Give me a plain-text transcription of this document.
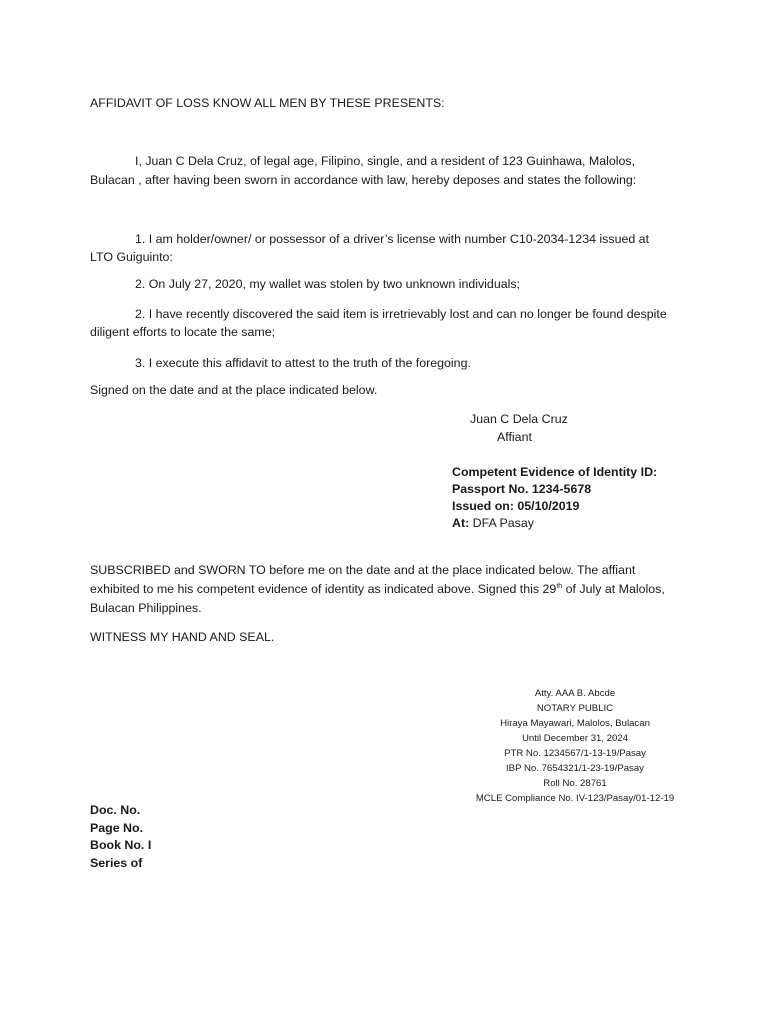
AFFIDAVIT OF LOSS KNOW ALL MEN BY THESE PRESENTS:
I, Juan C Dela Cruz, of legal age, Filipino, single, and a resident of 123 Guinhawa, Malolos, Bulacan , after having been sworn in accordance with law, hereby deposes and states the following:
1. I am holder/owner/ or possessor of a driver’s license with number C10-2034-1234 issued at LTO Guiguinto:
2. On July 27, 2020, my wallet was stolen by two unknown individuals;
2. I have recently discovered the said item is irretrievably lost and can no longer be found despite diligent efforts to locate the same;
3. I execute this affidavit to attest to the truth of the foregoing.
Signed on the date and at the place indicated below.
Juan C Dela Cruz
Affiant
Competent Evidence of Identity ID:
Passport No. 1234-5678
Issued on: 05/10/2019
At: DFA Pasay
SUBSCRIBED and SWORN TO before me on the date and at the place indicated below. The affiant exhibited to me his competent evidence of identity as indicated above. Signed this 29th of July at Malolos, Bulacan Philippines.
WITNESS MY HAND AND SEAL.
Atty. AAA B. Abcde
NOTARY PUBLIC
Hiraya Mayawari, Malolos, Bulacan
Until December 31, 2024
PTR No. 1234567/1-13-19/Pasay
IBP No. 7654321/1-23-19/Pasay
Roll No. 28761
MCLE Compliance No. IV-123/Pasay/01-12-19
Doc. No.
Page No.
Book No. I
Series of
